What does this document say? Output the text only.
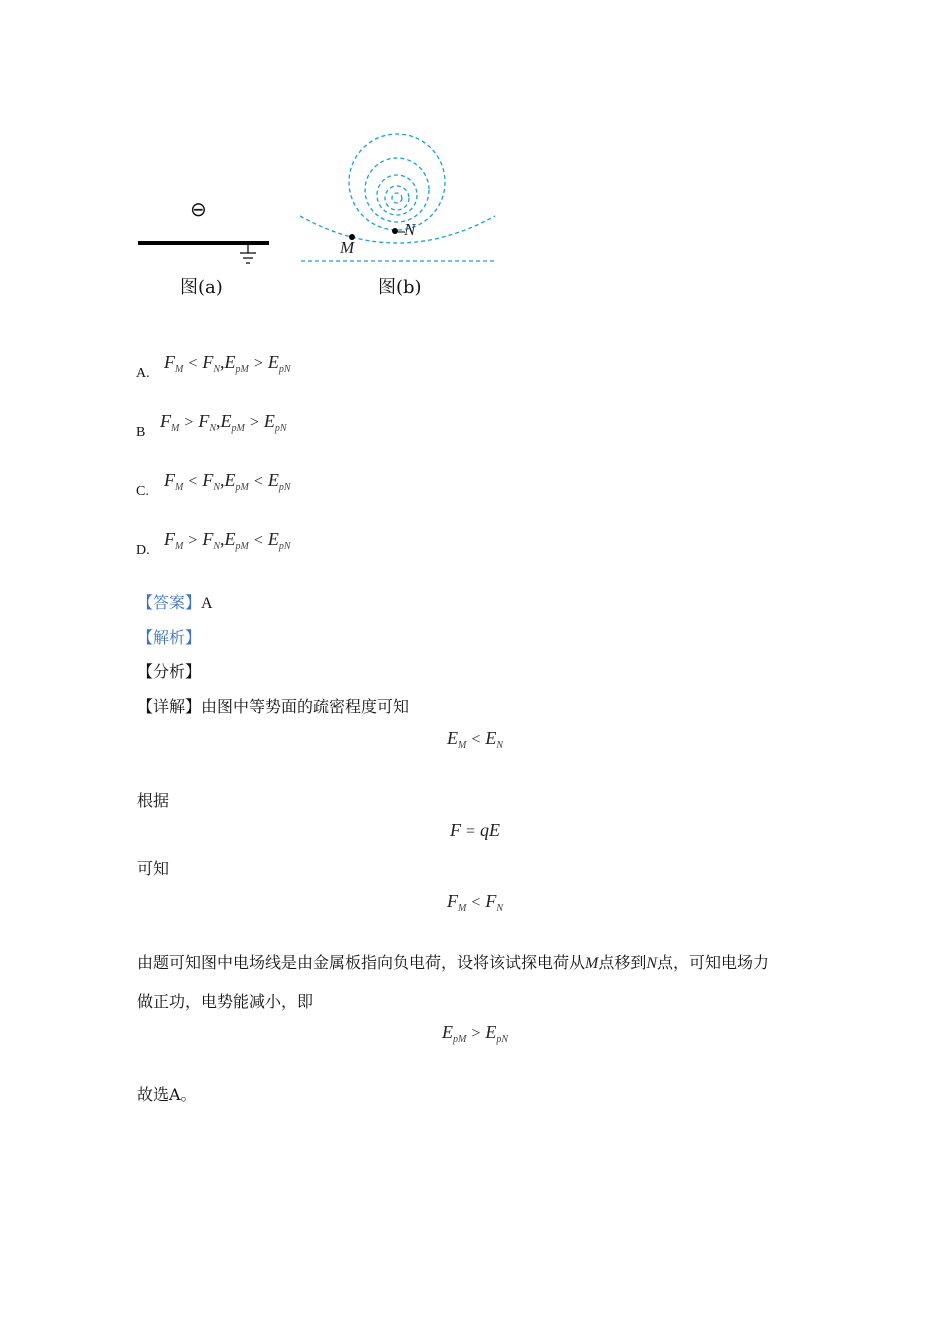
⊖
图(a)
M
N
图(b)
A.
$F_M < F_N,E_{pM} > E_{pN}$
B
$F_M > F_N,E_{pM} > E_{pN}$
C.
$F_M < F_N,E_{pM} < E_{pN}$
D.
$F_M > F_N,E_{pM} < E_{pN}$
【答案】A
【解析】
【分析】
【详解】由图中等势面的疏密程度可知
$E_M < E_N$
根据
F = qE
可知
$F_M < F_N$
由题可知图中电场线是由金属板指向负电荷，设将该试探电荷从M点移到N点，可知电场力
做正功，电势能减小，即
$E_{pM} > E_{pN}$
故选A。
